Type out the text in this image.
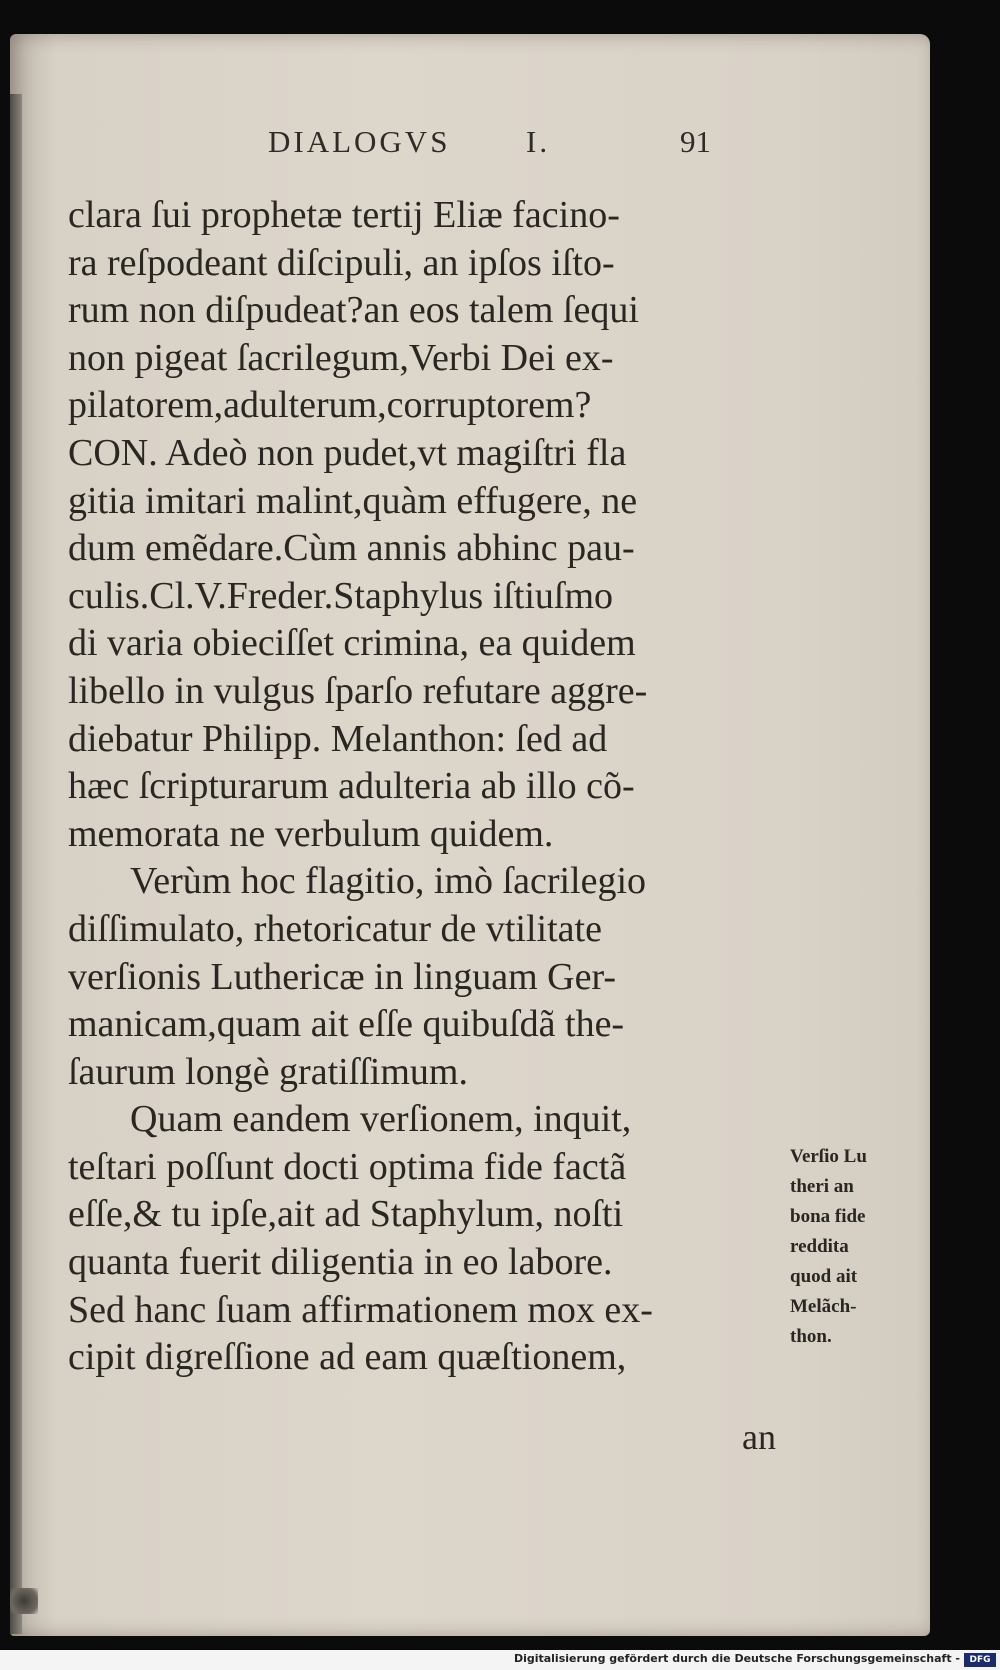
DIALOGVS I.	91
clara ſui prophetæ tertij Eliæ facino-
ra reſpodeant diſcipuli, an ipſos iſto-
rum non diſpudeat?an eos talem ſequi
non pigeat ſacrilegum,Verbi Dei ex-
pilatorem,adulterum,corruptorem?
CON. Adeò non pudet,vt magiſtri fla
gitia imitari malint,quàm effugere, ne
dum emẽdare.Cùm annis abhinc pau-
culis.Cl.V.Freder.Staphylus iſtiuſmo
di varia obieciſſet crimina, ea quidem
libello in vulgus ſparſo refutare aggre-
diebatur Philipp. Melanthon: ſed ad
hæc ſcripturarum adulteria ab illo cõ-
memorata ne verbulum quidem.
Verùm hoc flagitio, imò ſacrilegio
diſſimulato, rhetoricatur de vtilitate
verſionis Luthericæ in linguam Ger-
manicam,quam ait eſſe quibuſdã the-
ſaurum longè gratiſſimum.
Quam eandem verſionem, inquit,
teſtari poſſunt docti optima fide factã
eſſe,& tu ipſe,ait ad Staphylum, noſti
quanta fuerit diligentia in eo labore.
Sed hanc ſuam affirmationem mox ex-
cipit digreſſione ad eam quæſtionem,
Verſio Lu
theri an
bona fide
reddita
quod ait
Melãch-
thon.
an
Digitalisierung gefördert durch die Deutsche Forschungsgemeinschaft -	DFG
